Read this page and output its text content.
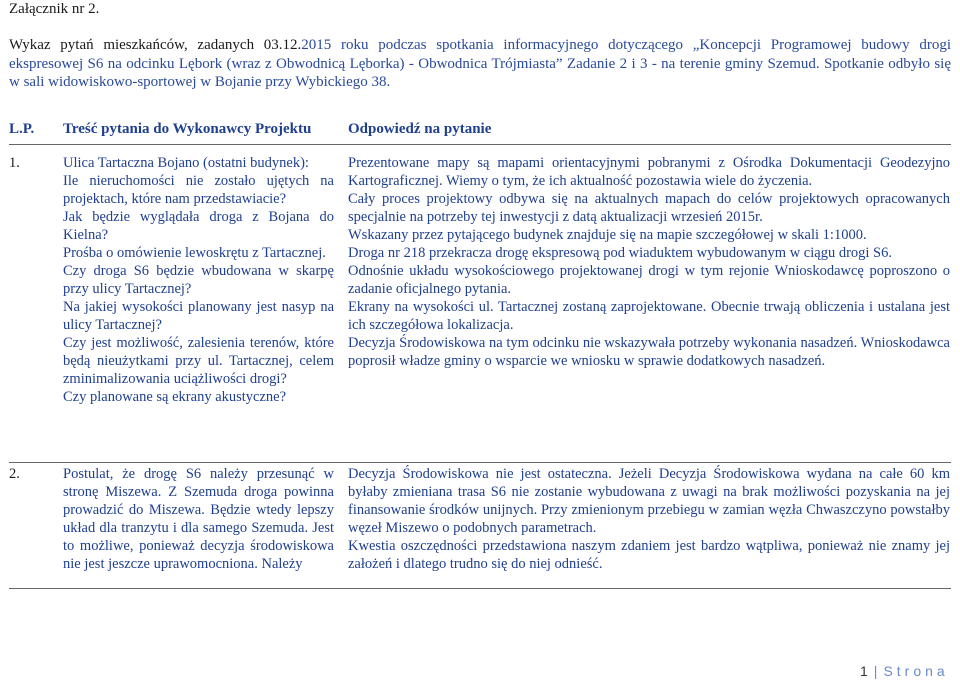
Załącznik nr 2.
Wykaz pytań mieszkańców, zadanych 03.12.2015 roku podczas spotkania informacyjnego dotyczącego „Koncepcji Programowej budowy drogi ekspresowej S6 na odcinku Lębork (wraz z Obwodnicą Lęborka) - Obwodnica Trójmiasta” Zadanie 2 i 3 - na terenie gminy Szemud. Spotkanie odbyło się w sali widowiskowo-sportowej w Bojanie przy Wybickiego 38.
L.P. Treść pytania do Wykonawcy Projektu Odpowiedź na pytanie
1.	Ulica Tartaczna Bojano (ostatni budynek):

Ile nieruchomości nie zostało ujętych na projektach, które nam przedstawiacie?

Jak będzie wyglądała droga z Bojana do Kielna?

Prośba o omówienie lewoskrętu z Tartacznej.

Czy droga S6 będzie wbudowana w skarpę przy ulicy Tartacznej?

Na jakiej wysokości planowany jest nasyp na ulicy Tartacznej?

Czy jest możliwość, zalesienia terenów, które będą nieużytkami przy ul. Tartacznej, celem zminimalizowania uciążliwości drogi?

Czy planowane są ekrany akustyczne?

Prezentowane mapy są mapami orientacyjnymi pobranymi z Ośrodka Dokumentacji Geodezyjno Kartograficznej. Wiemy o tym, że ich aktualność pozostawia wiele do życzenia.

Cały proces projektowy odbywa się na aktualnych mapach do celów projektowych opracowanych specjalnie na potrzeby tej inwestycji z datą aktualizacji wrzesień 2015r.

Wskazany przez pytającego budynek znajduje się na mapie szczegółowej w skali 1:1000.

Droga nr 218 przekracza drogę ekspresową pod wiaduktem wybudowanym w ciągu drogi S6.

Odnośnie układu wysokościowego projektowanej drogi w tym rejonie Wnioskodawcę poproszono o zadanie oficjalnego pytania.

Ekrany na wysokości ul. Tartacznej zostaną zaprojektowane. Obecnie trwają obliczenia i ustalana jest ich szczegółowa lokalizacja.

Decyzja Środowiskowa na tym odcinku nie wskazywała potrzeby wykonania nasadzeń. Wnioskodawca poprosił władze gminy o wsparcie we wniosku w sprawie dodatkowych nasadzeń.

2.	Postulat, że drogę S6 należy przesunąć w stronę Miszewa. Z Szemuda droga powinna prowadzić do Miszewa. Będzie wtedy lepszy układ dla tranzytu i dla samego Szemuda. Jest to możliwe, ponieważ decyzja środowiskowa nie jest jeszcze uprawomocniona. Należy

Decyzja Środowiskowa nie jest ostateczna. Jeżeli Decyzja Środowiskowa wydana na całe 60 km byłaby zmieniana trasa S6 nie zostanie wybudowana z uwagi na brak możliwości pozyskania na jej finansowanie środków unijnych. Przy zmienionym przebiegu w zamian węzła Chwaszczyno powstałby węzeł Miszewo o podobnych parametrach.

Kwestia oszczędności przedstawiona naszym zdaniem jest bardzo wątpliwa, ponieważ nie znamy jej założeń i dlatego trudno się do niej odnieść.

1 | Strona
